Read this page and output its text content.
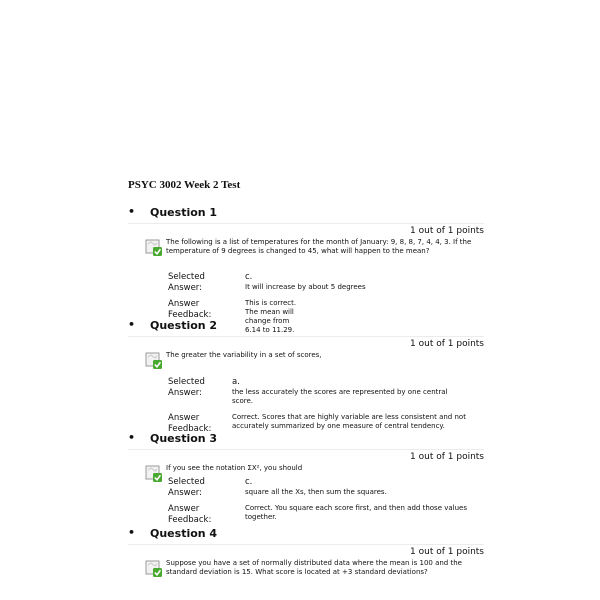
PSYC 3002 Week 2 Test
• Question 1
1 out of 1 points
The following is a list of temperatures for the month of January: 9, 8, 8, 7, 4, 4, 3. If the temperature of 9 degrees is changed to 45, what will happen to the mean?
Selected Answer:
c.
It will increase by about 5 degrees
Answer Feedback:
This is correct. The mean will change from 6.14 to 11.29.
• Question 2
1 out of 1 points
The greater the variability in a set of scores,
Selected Answer:
a.
the less accurately the scores are represented by one central score.
Answer Feedback:
Correct. Scores that are highly variable are less consistent and not accurately summarized by one measure of central tendency.
• Question 3
1 out of 1 points
If you see the notation ΣX², you should
Selected Answer:
c.
square all the Xs, then sum the squares.
Answer Feedback:
Correct. You square each score first, and then add those values together.
• Question 4
1 out of 1 points
Suppose you have a set of normally distributed data where the mean is 100 and the standard deviation is 15. What score is located at +3 standard deviations?
